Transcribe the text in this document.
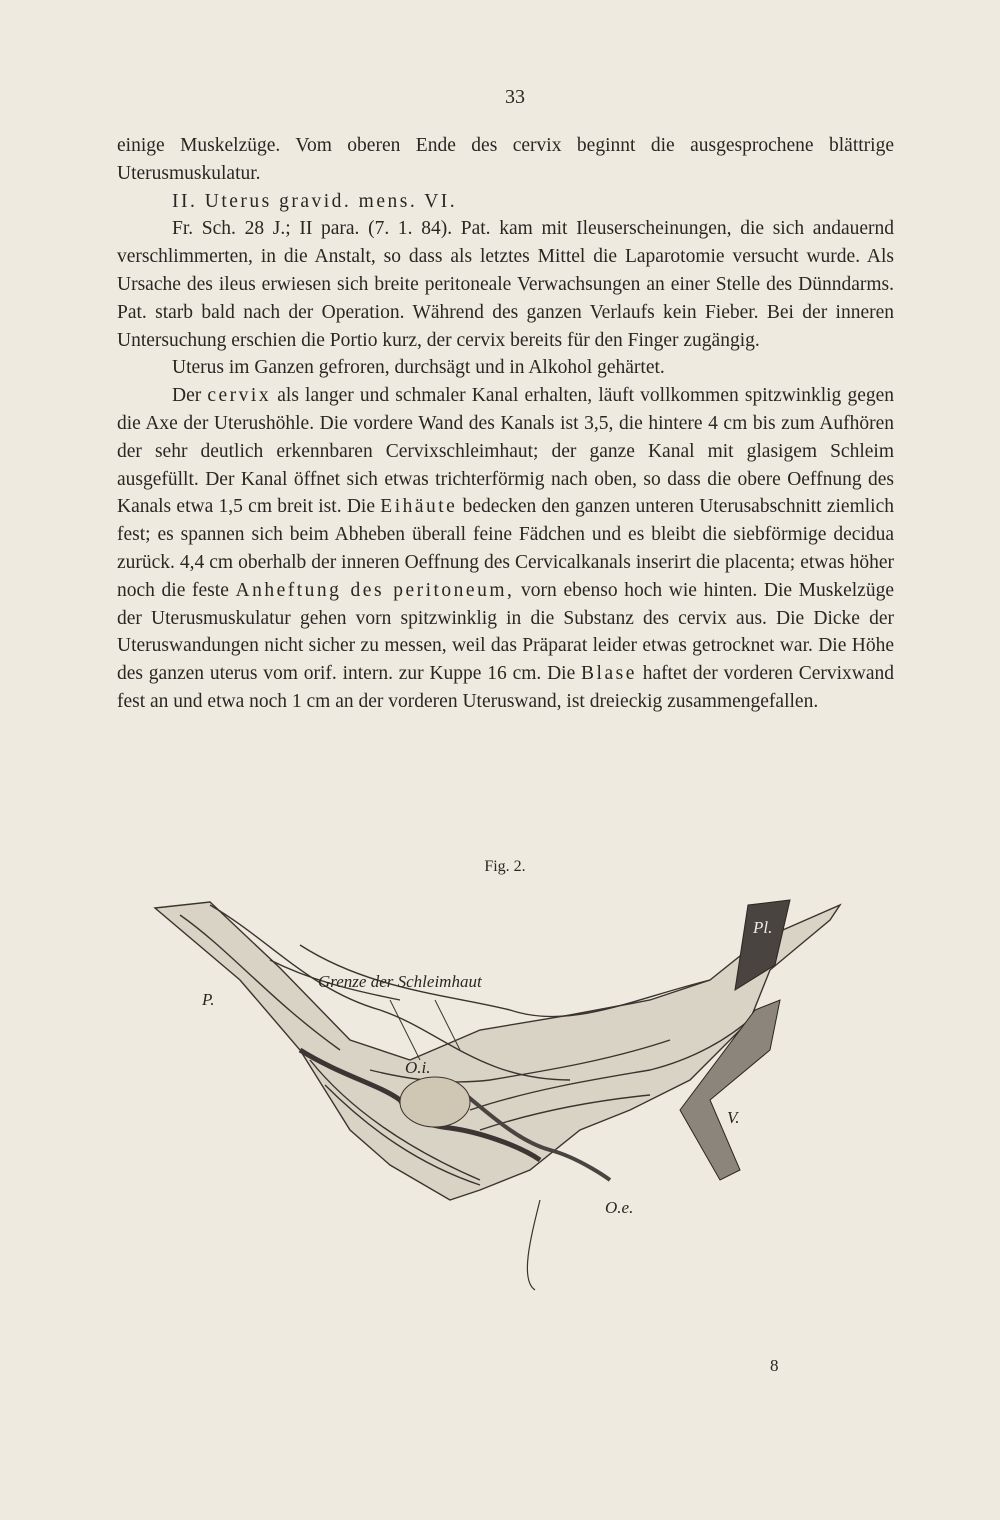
33

einige Muskelzüge. Vom oberen Ende des cervix beginnt die ausgesprochene blättrige Uterusmuskulatur.

II. Uterus gravid. mens. VI.

Fr. Sch. 28 J.; II para. (7. 1. 84). Pat. kam mit Ileuserscheinungen, die sich andauernd verschlimmerten, in die Anstalt, so dass als letztes Mittel die Laparotomie versucht wurde. Als Ursache des ileus erwiesen sich breite peritoneale Verwachsungen an einer Stelle des Dünndarms. Pat. starb bald nach der Operation. Während des ganzen Verlaufs kein Fieber. Bei der inneren Untersuchung erschien die Portio kurz, der cervix bereits für den Finger zugängig.

Uterus im Ganzen gefroren, durchsägt und in Alkohol gehärtet.

Der cervix als langer und schmaler Kanal erhalten, läuft vollkommen spitzwinklig gegen die Axe der Uterushöhle. Die vordere Wand des Kanals ist 3,5, die hintere 4 cm bis zum Aufhören der sehr deutlich erkennbaren Cervixschleimhaut; der ganze Kanal mit glasigem Schleim ausgefüllt. Der Kanal öffnet sich etwas trichterförmig nach oben, so dass die obere Oeffnung des Kanals etwa 1,5 cm breit ist. Die Eihäute bedecken den ganzen unteren Uterusabschnitt ziemlich fest; es spannen sich beim Abheben überall feine Fädchen und es bleibt die siebförmige decidua zurück. 4,4 cm oberhalb der inneren Oeffnung des Cervicalkanals inserirt die placenta; etwas höher noch die feste Anheftung des peritoneum, vorn ebenso hoch wie hinten. Die Muskelzüge der Uterusmuskulatur gehen vorn spitzwinklig in die Substanz des cervix aus. Die Dicke der Uteruswandungen nicht sicher zu messen, weil das Präparat leider etwas getrocknet war. Die Höhe des ganzen uterus vom orif. intern. zur Kuppe 16 cm. Die Blase haftet der vorderen Cervixwand fest an und etwa noch 1 cm an der vorderen Uteruswand, ist dreieckig zusammengefallen.

Fig. 2.
Grenze der Schleimhaut
P.
Pl.
O.i.
O.e.
V.
8
